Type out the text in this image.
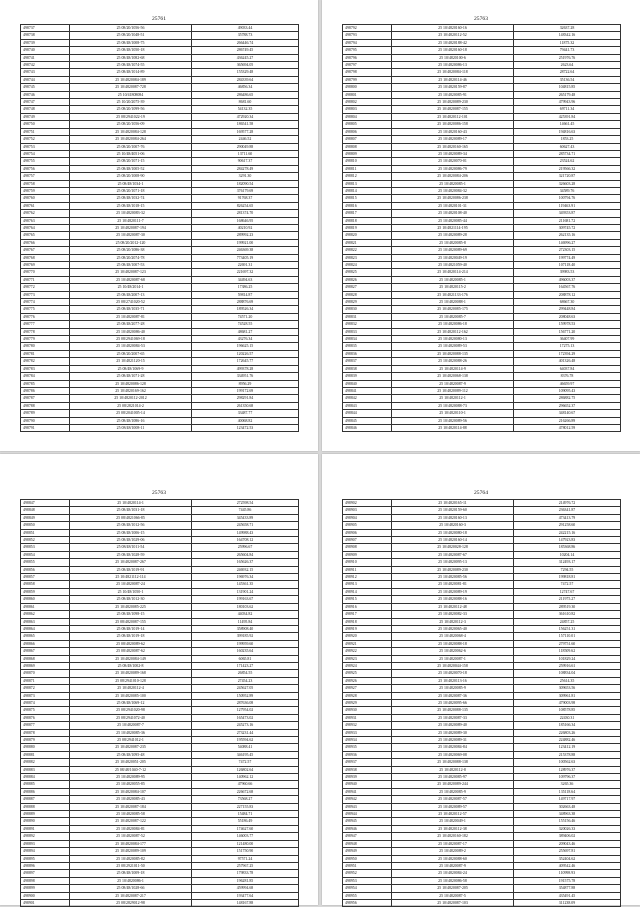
25761
498737	25 08/20/1056-56	49033.44
498738	25 08/20/1048-51	35788.73
498739	25 08/48/1008-75	266446.74
498740	25 08/48/1050-18	286749.45
498741	25 08/48/1082-68	436245.27
498742	25 08/48/1074-55	365694.05
498743	25 08/48/1014-89	155329.48
498744	25 10/4820084-189	284339.64
498745	25 10/4820087-728	46856.34
498746	25 10/41808084	286486.65
498747	25 10/20/2075-39	8681.60
498748	25 08/20/1099-56	54132.35
498749	25 08/2941022-19	472920.34
498750	25 08/20/1056-09	186541.58
498751	25 10/4820084-128	169577.28
498752	25 10/4820084-264	2446.52
498753	25 08/20/1007-76	290049.88
498754	25 10/48/4051-06	13711.60
498755	25 08/20/1071-15	90617.37
498756	25 08/48/1005-52	284278.49
498757	25 08/20/1008-90	3291.30
498758	25 08/48/1034-1	182090.54
498759	25 08/20/1071-18	376179.69
498760	25 08/48/1032-74	91768.37
498761	25 08/48/1018-15	826254.65
498762	25 10/4820083-32	281374.70
498763	25 10/4820111-7	168646.95
498764	25 10/4820087-194	40210.92
498765	25 10/4820087-30	289992.23
498766	25 08/20/2012-120	199921.00
498767	25 08/20/1086-38	246369.38
498768	25 08/20/2074-78	773405.19
498769	25 08/48/1007-53	22691.31
498770	25 10/4820087-123	221697.32
498771	25 10/4820087-68	34494.63
498772	25 10/48/2014-1	17386.25
498773	25 08/48/2007-13	59814.87
498774	25 08/2741020-52	288876.69
498775	25 08/48/1035-71	189526.34
498776	25 10/4820087-81	74571.20
498777	25 08/48/2077-28	74528.55
498778	25 10/4820086-40	48681.27
498779	25 08/2941069-18	43276.34
498780	25 10/4820084-53	196625.15
498781	25 08/20/2007-65	120226.57
498782	25 10/4821120-15	172645.77
498783	25 08/48/1069-9	499378.28
498784	25 08/48/1071-28	334951.76
498785	25 10/4820086-128	8956.29
498786	25 10/4820169-162	199172.69
498787	25 10/4820112-2012	298291.84
498788	25 08/2821014-2	261350.68
498789	25 08/2041005-14	33487.77
498790	25 08/48/1086-16	40068.82
498791	25 08/48/1008-11	123472.53
25763
498792	25 10/4820160-16	32637.28
498793	25 10/4820112-52	148342.16
498794	25 10/4820188-42	11875.32
498795	25 10/4820160-18	79441.73
498796	25 10/4820100-6	251976.76
498797	25 10/4820086-13	2623.64
498798	25 10/4820084-118	28722.64
498799	25 10/4820114-46	35136.54
498800	25 10/4820159-87	104815.85
498801	25 10/4820085-91	265179.48
498802	25 10/4820089-230	479943.96
498803	25 10/4820087-155	69711.34
498804	25 10/4820112-101	425391.84
498805	25 10/4820086-158	14661.45
498806	25 10/4820160-43	194816.63
498807	25 10/4820089-17	1853.25
498808	25 10/4820160-165	60627.43
498809	25 10/4820089-34	285734.71
498810	25 10/4820070-01	23524.62
498811	25 10/4820086-79	219566.32
498812	25 10/4820084-206	321720.87
498813	25 10/4820085-1	326603.28
498814	25 10/4820084-32	34589.76
498815	25 10/4820086-238	100794.76
498816	25 10/4820101-31	119463.91
498817	25 10/4820108-40	349353.87
498818	25 10/4820085-44	211681.72
498819	25 10/4821114-195	309745.72
498820	25 10/4820089-28	262135.16
498821	25 10/4820085-8	146996.27
498822	25 10/4820089-69	272303.15
498823	25 10/4820049-19	199774.49
498824	25 10/4821059-40	107118.40
498825	25 10/4820114-214	39983.53
498826	25 10/4820085-1	496003.37
498827	25 10/4820115-2	164567.76
498828	25 10/4821133-176	208878.12
498829	25 10/4820088-1	68667.30
498830	25 10/4820085-175	299448.84
498831	25 10/4820085-7	208048.63
498832	25 10/4820086-18	159978.53
498833	25 10/4820112-162	156771.20
498834	25 10/4820080-13	36407.99
498835	25 10/4820089-53	17275.13
498836	25 10/4820088-135	172394.29
498837	25 10/4820088-26	401326.48
498838	25 10/4820114-9	64037.84
498839	25 10/4820068-138	8376.78
498840	25 10/4820087-9	46659.97
498841	25 10/4820089-112	109095.43
498842	25 10/4820112-1	286882.75
498843	25 10/4820088-73	296652.37
498844	25 10/4820110-1	348140.67
498845	25 10/4820089-56	216266.89
498846	25 10/4820114-88	478012.59
25763
498847	25 10/4820114-1	272598.54
498848	25 08/48/1031-18	7445.86
498849	25 08/4821066-85	345433.89
498850	25 08/48/1012-56	245658.71
498851	25 08/48/1006-15	149988.43
498852	25 08/48/1029-06	164708.12
498853	25 08/48/1011-54	25996.67
498854	25 08/48/1028-59	265604.84
498855	25 10/4820087-267	165626.37
498856	25 08/48/1019-91	246932.15
498857	25 10/4821112-114	196976.34
498858	25 10/4820087-24	145361.35
498859	25 10/48/1050-1	131901.24
498860	25 08/48/1012-30	199163.67
498861	25 10/4820085-225	180103.62
498862	25 08/48/1098-15	44034.82
498863	25 08/4820087-155	11495.84
498864	25 08/48/1019-14	358908.40
498865	25 08/48/1019-18	399185.92
498866	25 08/4820089-62	199959.60
498867	25 08/4820087-62	160235.64
498868	25 10/4820084-149	6065.81
498869	25 08/48/1002-8	171423.27
498870	25 10/4820089-168	26854.55
498871	25 08/2941010-128	27454.23
498872	25 10/4820112-4	245627.05
498873	25 10/4820085-100	150952.89
498874	25 08/48/1069-12	287636.08
498875	25 08/2941020-98	127954.02
498876	25 08/2941072-40	165473.02
498877	25 10/4820087-7	245273.16
498878	25 10/4820085-36	273231.44
498879	25 08/2941012-1	195594.62
498880	25 10/4820087-235	54088.41
498881	25 08/48/1095-48	346195.45
498882	25 10/4820051-205	7472.57
498883	25 08/48/1040-7-12	126802.64
498884	25 10/4820089-95	140962.12
498885	25 10/4820055-85	47960.66
498886	25 10/4820084-107	226672.68
498887	25 10/4820085-43	73568.27
498888	25 10/4820087-184	227155.83
498889	25 10/4820085-58	15484.71
498890	25 10/4820087-122	55186.49
498891	25 10/4820084-81	174627.60
498892	25 10/4820087-52	146003.77
498893	25 10/4820084-177	121480.00
498894	25 10/4820089-109	151750.90
498895	25 10/4820085-82	97571.24
498896	25 08/2921011-50	257967.25
498897	25 08/48/1009-18	179833.78
498898	25 10/4820086-1	196281.85
498899	25 08/48/1028-66	459994.68
498900	25 10/4820087-217	193477.64
498901	25 08/2829012-98	148167.88
25764
498902	25 10/4820165-11	214976.72
498903	25 10/4820159-60	236341.87
498904	25 10/4820160-13	473413.79
498905	25 10/4820160-3	291258.60
498906	25 10/4820080-18	242215.16
498907	25 10/4820160-14	147923.83
498908	25 10/4820028-128	185368.86
498909	25 10/4820087-67	10204.14
498910	25 10/4820095-13	312493.17
498911	25 10/4820089-230	7294.55
498912	25 10/4820085-56	199818.81
498913	25 10/4820081-81	7472.57
498914	25 10/4820089-19	12747.67
498915	25 10/4820088-16	211975.27
498916	25 10/4820112-48	289519.30
498917	25 10/4820082-33	361610.82
498918	25 10/4820112-3	24857.25
498919	25 10/4820065-40	156251.31
498920	25 10/4820068-4	157110.01
498921	25 10/4820088-18	279751.60
498922	25 10/4820062-6	118509.62
498923	25 10/4820087-1	101829.24
498924	25 10/4820044-158	259916.61
498925	25 10/4820070-18	108834.04
498926	25 10/4820113-16	25614.35
498927	25 10/4820085-9	309653.56
498928	25 10/4820087-36	309961.81
498929	25 10/4820095-66	479003.98
498930	25 10/4820088-135	108578.85
498931	25 10/4820087-33	22430.31
498932	25 10/4820089-40	185166.34
498933	25 10/4820089-30	226803.26
498934	25 10/4820089-31	224882.46
498935	25 10/4820084-84	123412.19
498936	25 10/4820069-08	215378.88
498937	25 10/4820088-138	100562.63
498938	25 10/4820112-8	128976.37
498939	25 10/4820085-97	109796.37
498940	25 10/4820089-244	3265.36
498941	25 10/4820085-9	135118.64
498942	25 10/4820087-57	149717.97
498943	25 10/4820089-57	302663.48
498944	25 10/4820112-57	348963.38
498945	25 10/4820049-1	155156.46
498946	25 10/4820112-38	320026.33
498947	25 10/4820160-182	389406.02
498948	25 10/4820087-17	209043.46
498949	25 10/4820089-2	255697.81
498950	25 10/4820088-60	352404.62
498951	25 10/4820087-9	409542.46
498952	25 10/4820084-24	110998.93
498953	25 10/4820086-58	191575.78
498954	25 10/4820087-205	354877.88
498955	25 10/4820087-5	435491.45
498956	25 10/4820087-103	311238.09
